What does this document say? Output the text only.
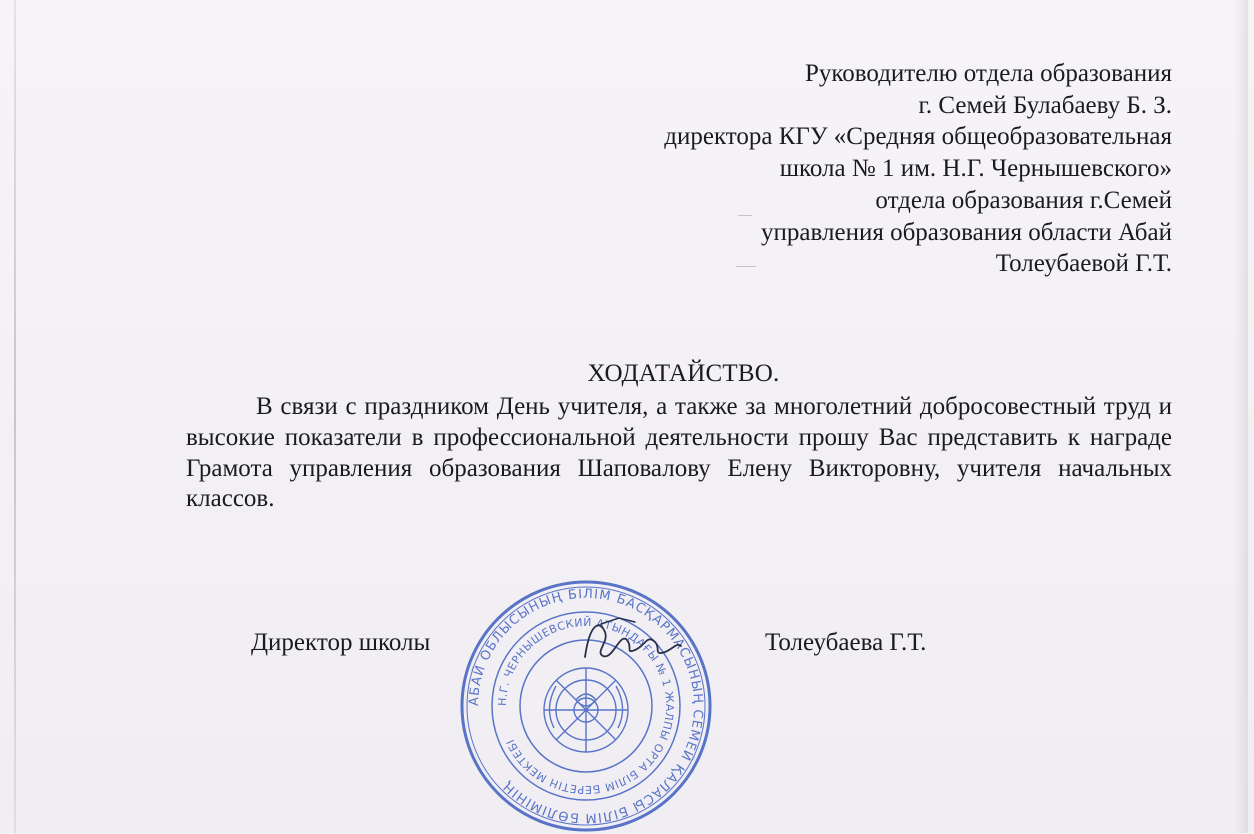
Руководителю отдела образования
г. Семей Булабаеву Б. З.
директора КГУ «Средняя общеобразовательная
школа № 1 им. Н.Г. Чернышевского»
отдела образования г.Семей
управления образования области Абай
Толеубаевой Г.Т.
ХОДАТАЙСТВО.
В связи с праздником День учителя, а также за многолетний добросовестный труд и высокие показатели в профессиональной деятельности прошу Вас представить к награде Грамота управления образования Шаповалову Елену Викторовну, учителя начальных классов.
Директор школы
АБАЙ ОБЛЫСЫНЫҢ БІЛІМ БАСҚАРМАСЫНЫҢ СЕМЕЙ ҚАЛАСЫ БІЛІМ БӨЛІМІНІҢ
Н.Г. ЧЕРНЫШЕВСКИЙ АТЫНДАҒЫ № 1 ЖАЛПЫ ОРТА БІЛІМ БЕРЕТІН МЕКТЕБІ
Толеубаева Г.Т.
